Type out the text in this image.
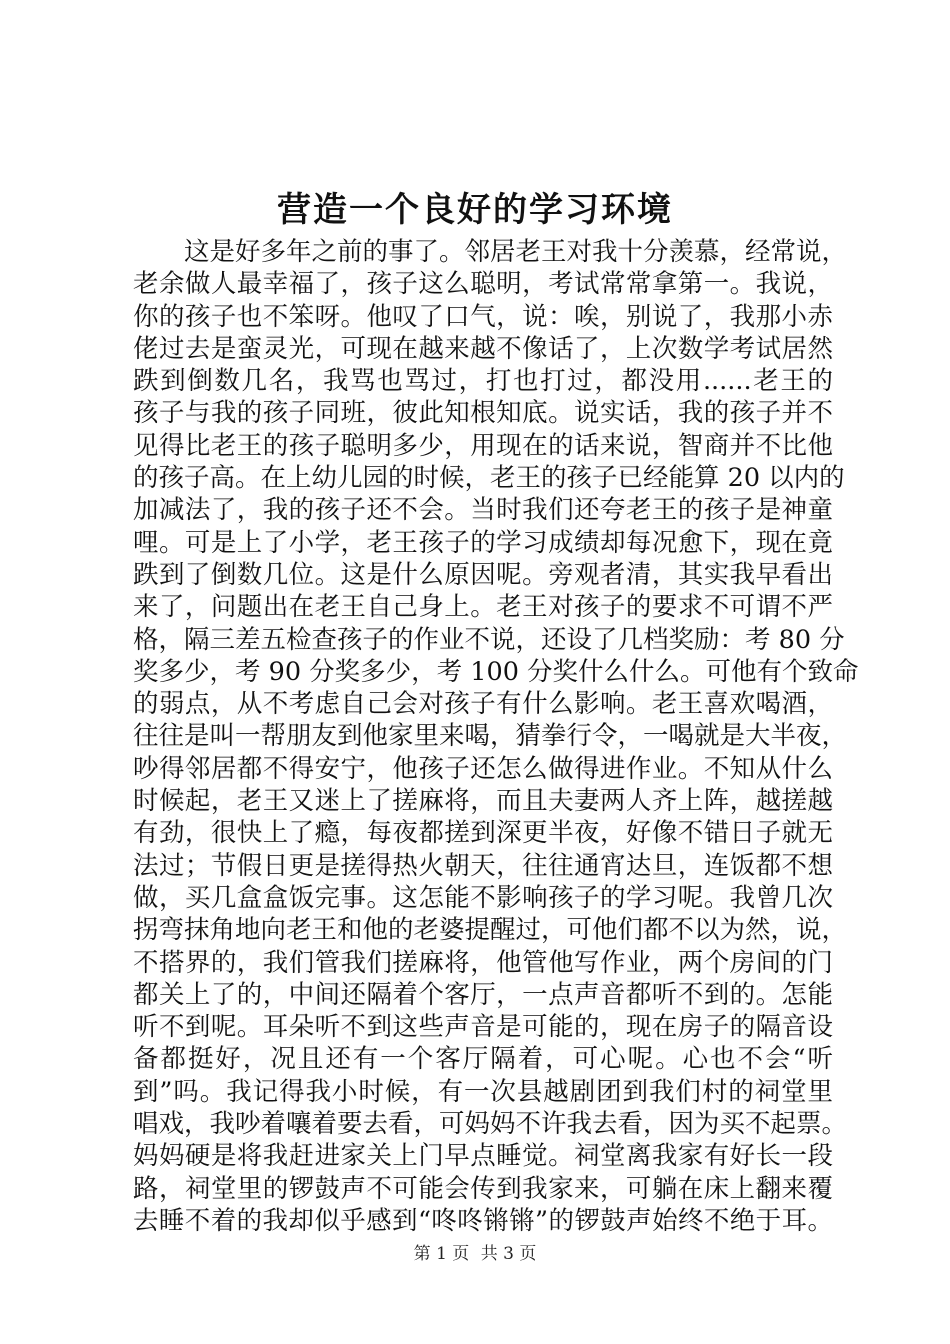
营造一个良好的学习环境
这是好多年之前的事了。邻居老王对我十分羡慕，经常说，
老余做人最幸福了，孩子这么聪明，考试常常拿第一。我说，
你的孩子也不笨呀。他叹了口气，说：唉，别说了，我那小赤
佬过去是蛮灵光，可现在越来越不像话了，上次数学考试居然
跌到倒数几名，我骂也骂过，打也打过，都没用......老王的
孩子与我的孩子同班，彼此知根知底。说实话，我的孩子并不
见得比老王的孩子聪明多少，用现在的话来说，智商并不比他
的孩子高。在上幼儿园的时候，老王的孩子已经能算 20 以内的
加减法了，我的孩子还不会。当时我们还夸老王的孩子是神童
哩。可是上了小学，老王孩子的学习成绩却每况愈下，现在竟
跌到了倒数几位。这是什么原因呢。旁观者清，其实我早看出
来了，问题出在老王自己身上。老王对孩子的要求不可谓不严
格，隔三差五检查孩子的作业不说，还设了几档奖励：考 80 分
奖多少，考 90 分奖多少，考 100 分奖什么什么。可他有个致命
的弱点，从不考虑自己会对孩子有什么影响。老王喜欢喝酒，
往往是叫一帮朋友到他家里来喝，猜拳行令，一喝就是大半夜，
吵得邻居都不得安宁，他孩子还怎么做得进作业。不知从什么
时候起，老王又迷上了搓麻将，而且夫妻两人齐上阵，越搓越
有劲，很快上了瘾，每夜都搓到深更半夜，好像不错日子就无
法过；节假日更是搓得热火朝天，往往通宵达旦，连饭都不想
做，买几盒盒饭完事。这怎能不影响孩子的学习呢。我曾几次
拐弯抹角地向老王和他的老婆提醒过，可他们都不以为然，说，
不搭界的，我们管我们搓麻将，他管他写作业，两个房间的门
都关上了的，中间还隔着个客厅，一点声音都听不到的。怎能
听不到呢。耳朵听不到这些声音是可能的，现在房子的隔音设
备都挺好，况且还有一个客厅隔着，可心呢。心也不会“听
到”吗。我记得我小时候，有一次县越剧团到我们村的祠堂里
唱戏，我吵着嚷着要去看，可妈妈不许我去看，因为买不起票。
妈妈硬是将我赶进家关上门早点睡觉。祠堂离我家有好长一段
路，祠堂里的锣鼓声不可能会传到我家来，可躺在床上翻来覆
去睡不着的我却似乎感到“咚咚锵锵”的锣鼓声始终不绝于耳。
第 1 页 共 3 页
